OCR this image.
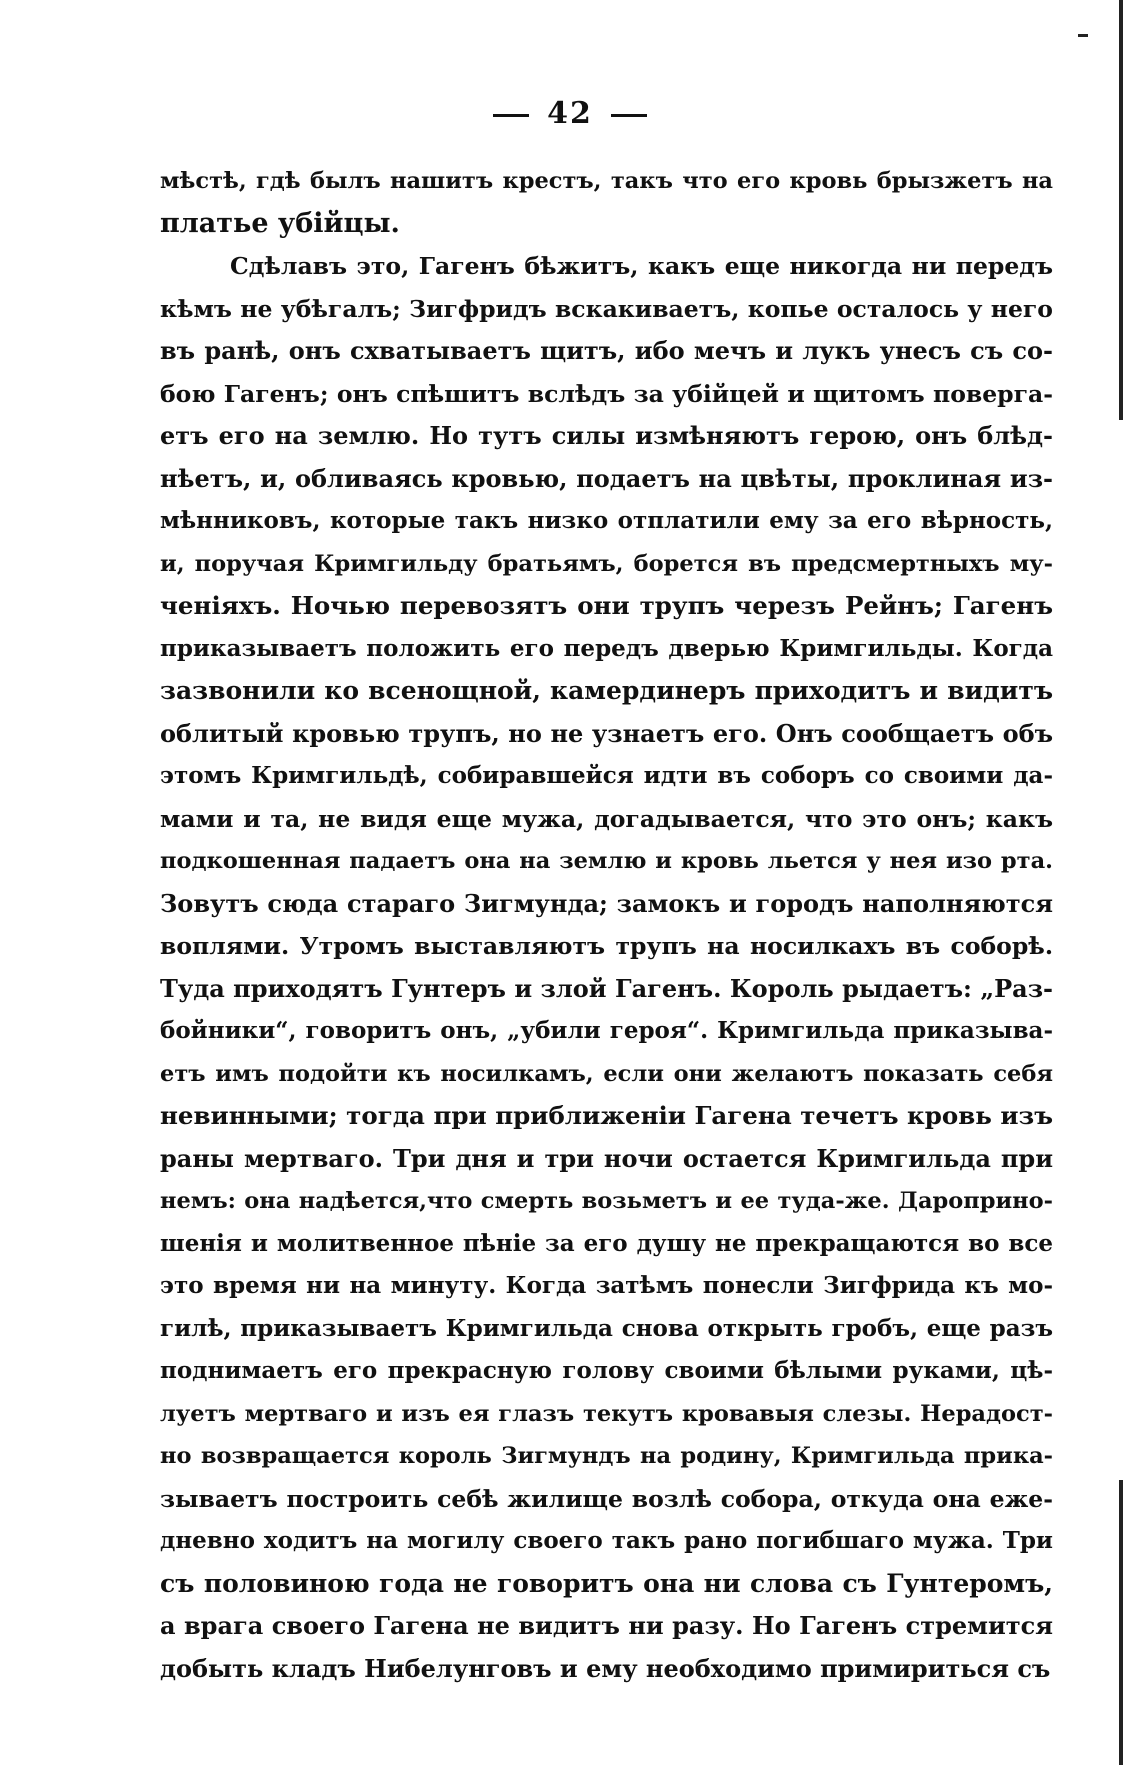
42
мѣстѣ, гдѣ былъ нашитъ крестъ, такъ что его кровь брызжетъ на
платье убійцы.
Сдѣлавъ это, Гагенъ бѣжитъ, какъ еще никогда ни передъ
кѣмъ не убѣгалъ; Зигфридъ вскакиваетъ, копье осталось у него
въ ранѣ, онъ схватываетъ щитъ, ибо мечъ и лукъ унесъ съ со-
бою Гагенъ; онъ спѣшитъ вслѣдъ за убійцей и щитомъ поверга-
етъ его на землю. Но тутъ силы измѣняютъ герою, онъ блѣд-
нѣетъ, и, обливаясь кровью, подаетъ на цвѣты, проклиная из-
мѣнниковъ, которые такъ низко отплатили ему за его вѣрность,
и, поручая Кримгильду братьямъ, борется въ предсмертныхъ му-
ченіяхъ. Ночью перевозятъ они трупъ черезъ Рейнъ; Гагенъ
приказываетъ положить его передъ дверью Кримгильды. Когда
зазвонили ко всенощной, камердинеръ приходитъ и видитъ
облитый кровью трупъ, но не узнаетъ его. Онъ сообщаетъ объ
этомъ Кримгильдѣ, собиравшейся идти въ соборъ со своими да-
мами и та, не видя еще мужа, догадывается, что это онъ; какъ
подкошенная падаетъ она на землю и кровь льется у нея изо рта.
Зовутъ сюда стараго Зигмунда; замокъ и городъ наполняются
воплями. Утромъ выставляютъ трупъ на носилкахъ въ соборѣ.
Туда приходятъ Гунтеръ и злой Гагенъ. Король рыдаетъ: „Раз-
бойники“, говоритъ онъ, „убили героя“. Кримгильда приказыва-
етъ имъ подойти къ носилкамъ, если они желаютъ показать себя
невинными; тогда при приближеніи Гагена течетъ кровь изъ
раны мертваго. Три дня и три ночи остается Кримгильда при
немъ: она надѣется,что смерть возьметъ и ее туда-же. Дароприно-
шенія и молитвенное пѣніе за его душу не прекращаются во все
это время ни на минуту. Когда затѣмъ понесли Зигфрида къ мо-
гилѣ, приказываетъ Кримгильда снова открыть гробъ, еще разъ
поднимаетъ его прекрасную голову своими бѣлыми руками, цѣ-
луетъ мертваго и изъ ея глазъ текутъ кровавыя слезы. Нерадост-
но возвращается король Зигмундъ на родину, Кримгильда прика-
зываетъ построить себѣ жилище возлѣ собора, откуда она еже-
дневно ходитъ на могилу своего такъ рано погибшаго мужа. Три
съ половиною года не говоритъ она ни слова съ Гунтеромъ,
а врага своего Гагена не видитъ ни разу. Но Гагенъ стремится
добыть кладъ Нибелунговъ и ему необходимо примириться съ
